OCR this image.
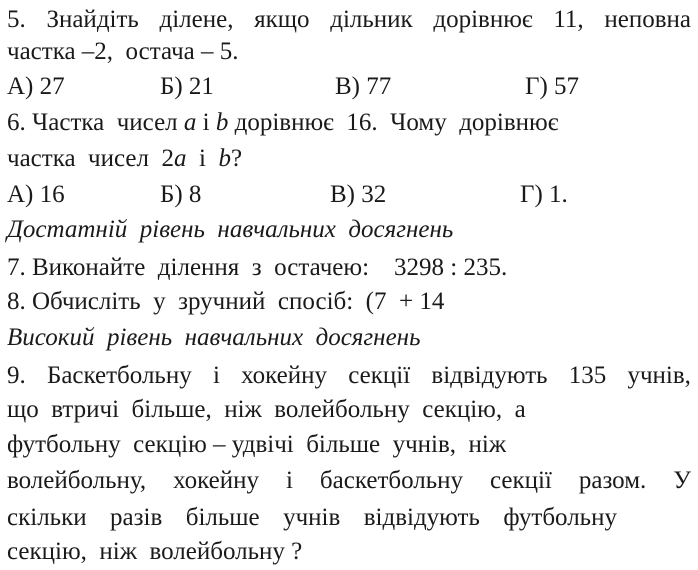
5. Знайдіть ділене, якщо дільник дорівнює 11, неповна
частка –2,  остача – 5.
А) 27	Б) 21	В) 77	Г) 57
6. Частка  чисел a і b дорівнює  16.  Чому  дорівнює
частка  чисел  2a  і  b?
А) 16	Б) 8	В) 32	Г) 1.
Достатній  рівень  навчальних  досягнень
7. Виконайте  ділення  з  остачею:    3298 : 235.
8. Обчисліть  у  зручний  спосіб:  (7  + 14
Високий  рівень  навчальних  досягнень
9. Баскетбольну і хокейну секції відвідують 135 учнів,
що  втричі  більше,  ніж  волейбольну  секцію,  а
футбольну  секцію – удвічі  більше  учнів,  ніж
волейбольну, хокейну і баскетбольну секції разом. У
скільки разів більше учнів відвідують футбольну
секцію,  ніж  волейбольну ?
